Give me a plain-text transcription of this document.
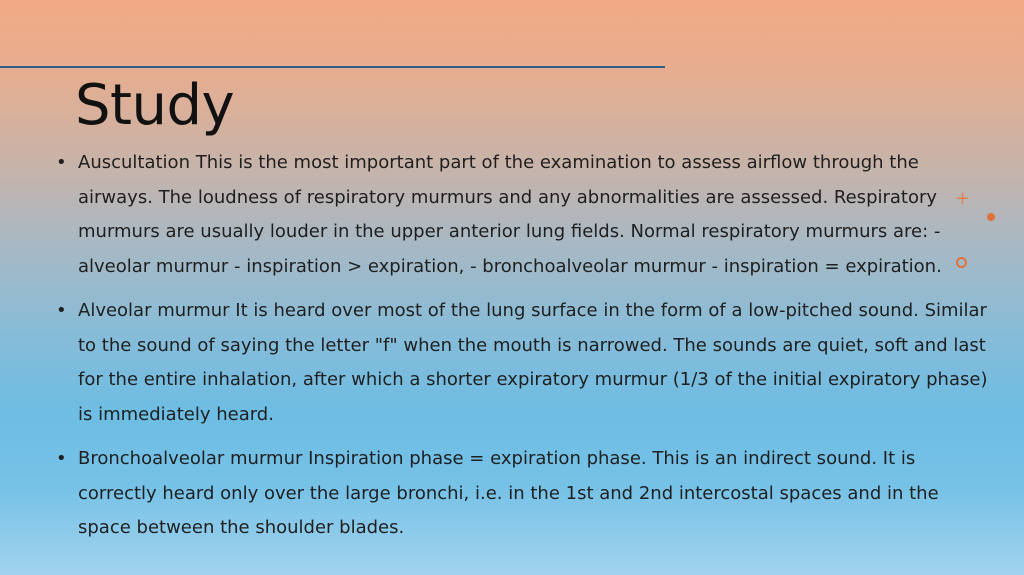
Study
• Auscultation This is the most important part of the examination to assess airflow through the airways. The loudness of respiratory murmurs and any abnormalities are assessed. Respiratory murmurs are usually louder in the upper anterior lung fields. Normal respiratory murmurs are: - alveolar murmur - inspiration > expiration, - bronchoalveolar murmur - inspiration = expiration.
• Alveolar murmur It is heard over most of the lung surface in the form of a low-pitched sound. Similar to the sound of saying the letter "f" when the mouth is narrowed. The sounds are quiet, soft and last for the entire inhalation, after which a shorter expiratory murmur (1/3 of the initial expiratory phase) is immediately heard.
• Bronchoalveolar murmur Inspiration phase = expiration phase. This is an indirect sound. It is correctly heard only over the large bronchi, i.e. in the 1st and 2nd intercostal spaces and in the space between the shoulder blades.
+
